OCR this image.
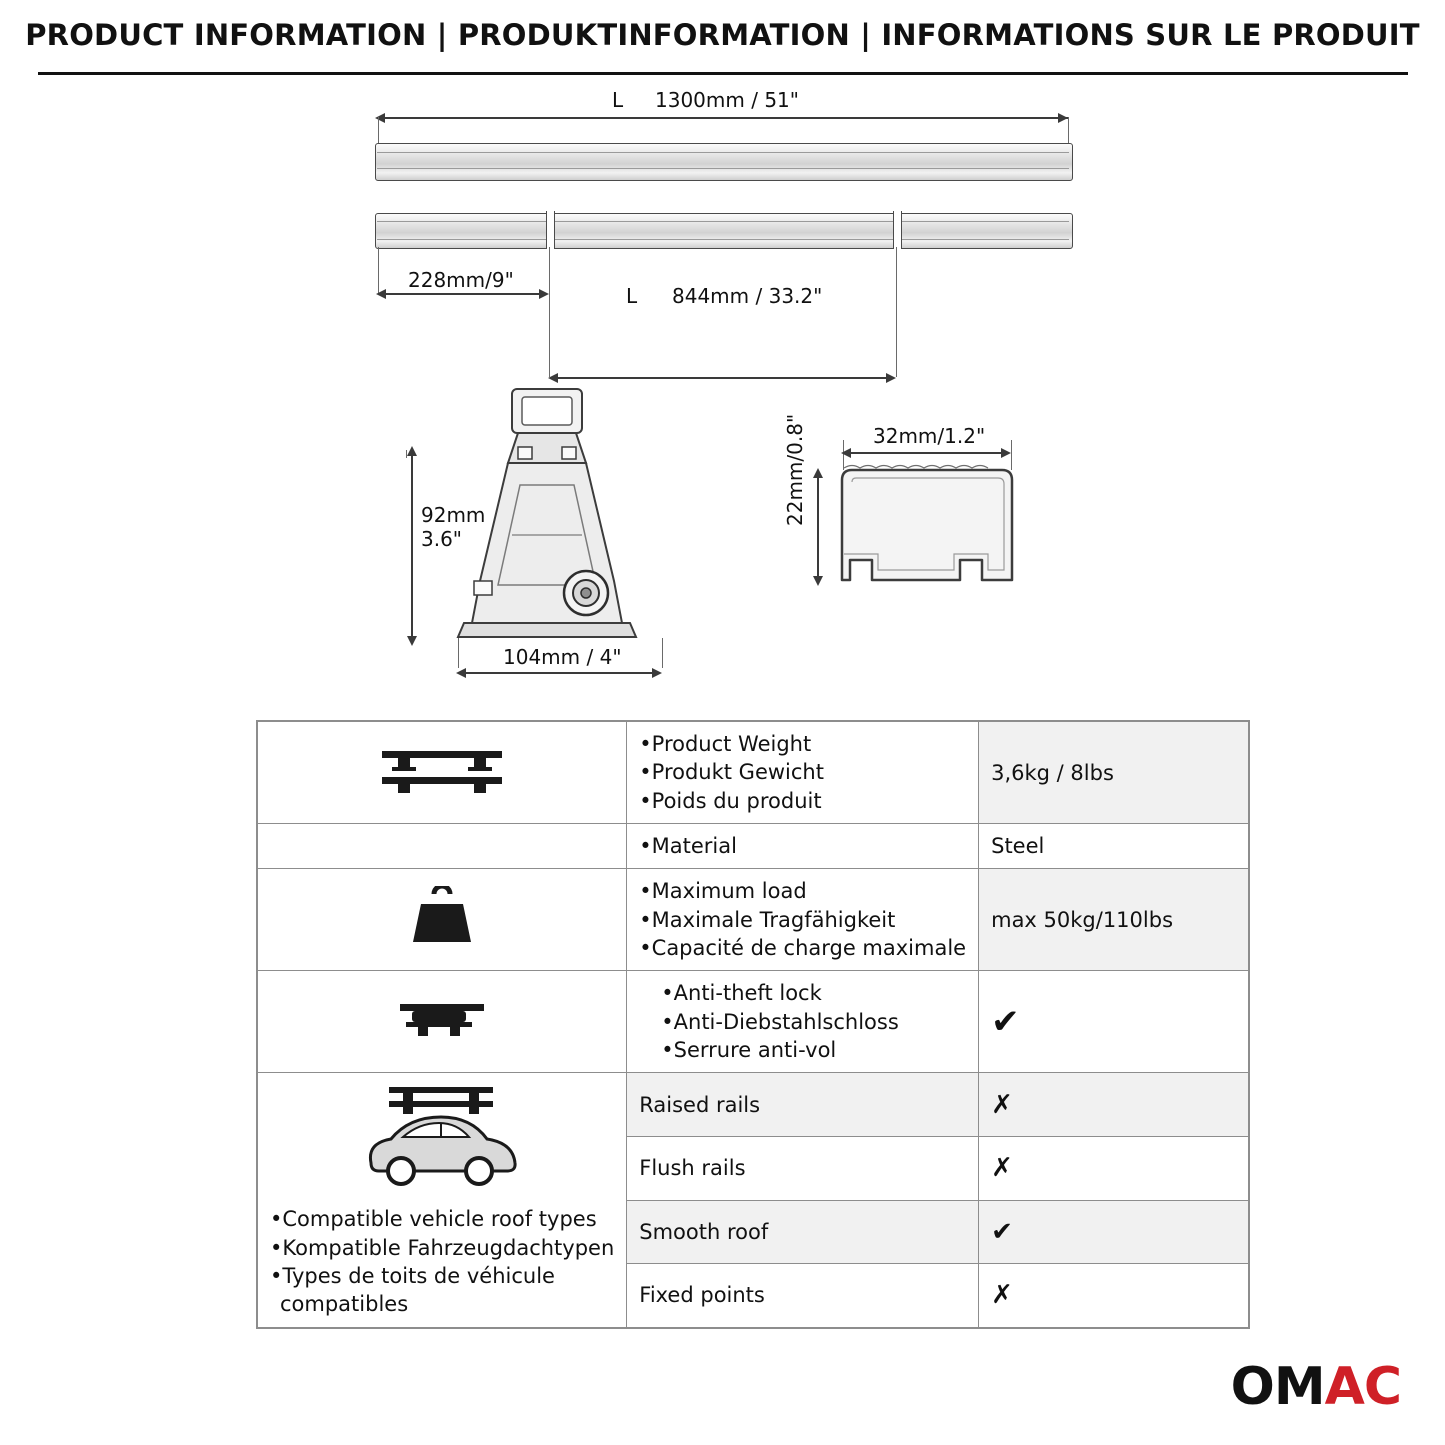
PRODUCT INFORMATION | PRODUKTINFORMATION | INFORMATIONS SUR LE PRODUIT
L 1300mm / 51"
228mm/9"
L 844mm / 33.2"
92mm
3.6"
104mm / 4"
32mm/1.2"
22mm/0.8"

•Product Weight
•Produkt Gewicht
•Poids du produit	3,6kg / 8lbs

	•Material	Steel

•Maximum load
•Maximale Tragfähigkeit
•Capacité de charge maximale	max 50kg/110lbs

•Anti-theft lock
•Anti-Diebstahlschloss
•Serrure anti-vol	✔

•Compatible vehicle roof types
•Kompatible Fahrzeugdachtypen
•Types de toits de véhicule
compatibles	Raised rails	✗
	Flush rails	✗
	Smooth roof	✔
	Fixed points	✗
OMAC
